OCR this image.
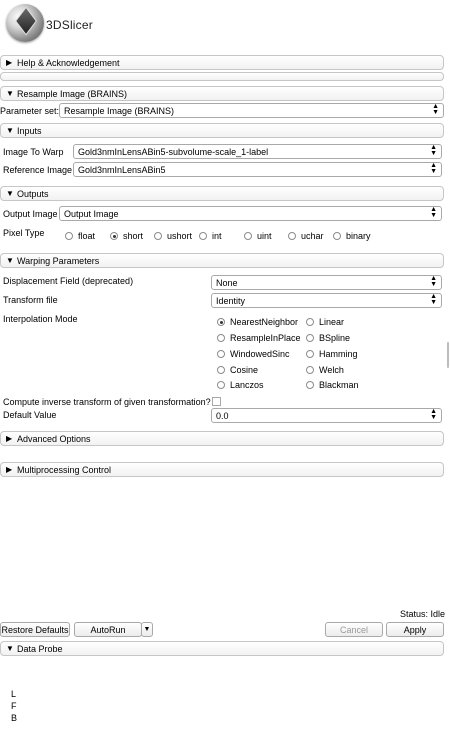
3DSlicer
▶ Help & Acknowledgement
▼ Resample Image (BRAINS)
Parameter set: Resample Image (BRAINS)	▲
▼
▼ Inputs
Image To Warp Gold3nmInLensABin5-subvolume-scale_1-label	▲
▼
Reference Image Gold3nmInLensABin5	▲
▼
▼ Outputs
Output Image Output Image	▲
▼
Pixel Type	float	short	ushort int	uint	uchar binary
▼ Warping Parameters
Displacement Field (deprecated)	None	▲
▼
Transform file	Identity	▲
▼
Interpolation Mode	NearestNeighbor Linear
ResampleInPlace BSpline
WindowedSinc	Hamming
Cosine	Welch
Lanczos	Blackman
Compute inverse transform of given transformation?
Default Value	0.0	▲
▼
▶ Advanced Options
▶ Multiprocessing Control
Status: Idle
Restore Defaults	AutoRun	▼	Cancel	Apply
▼ Data Probe
L
F
B
